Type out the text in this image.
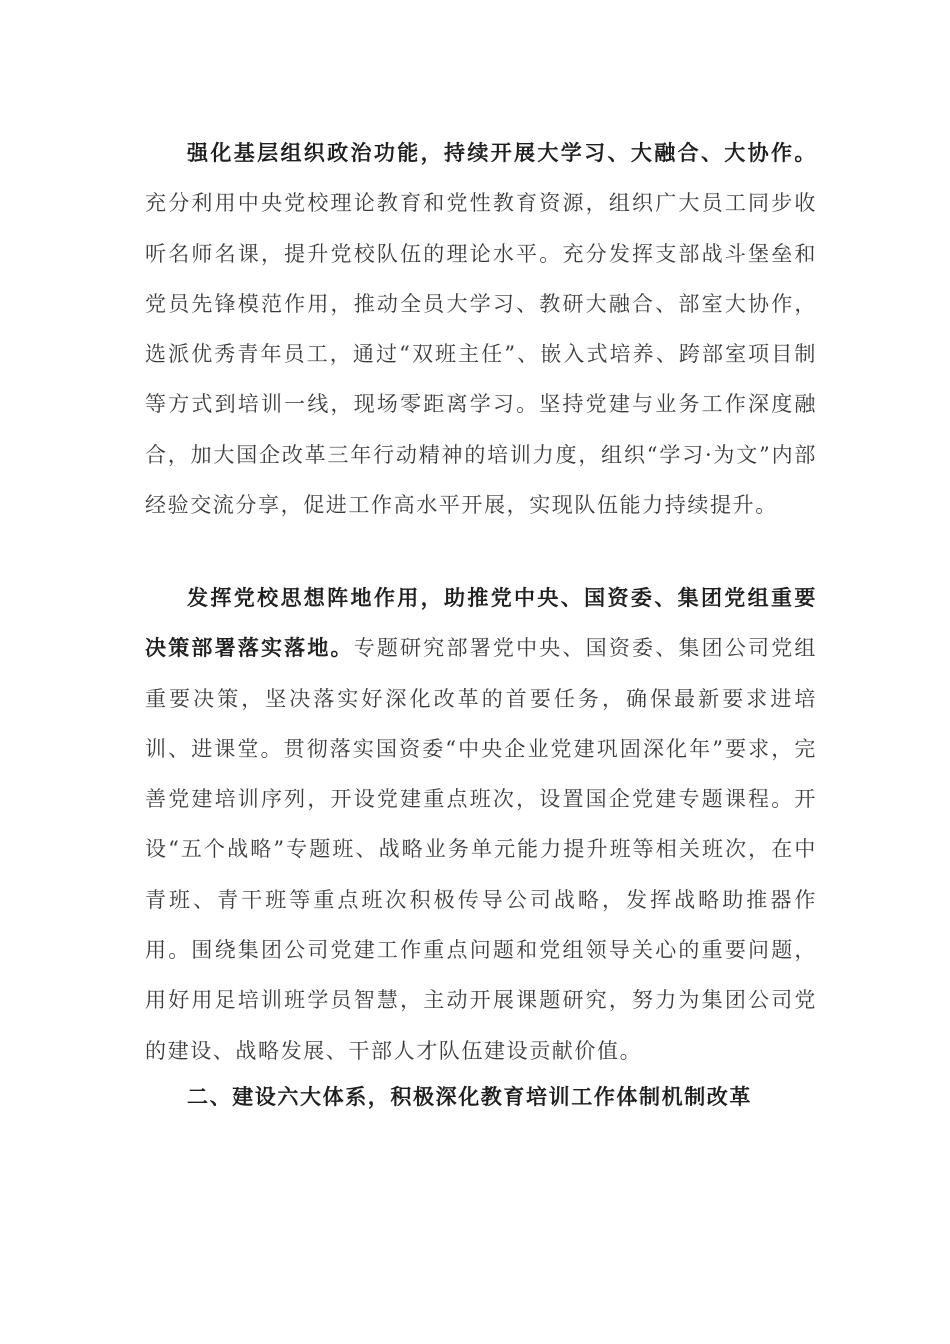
强化基层组织政治功能，持续开展大学习、大融合、大协作。充分利用中央党校理论教育和党性教育资源，组织广大员工同步收听名师名课，提升党校队伍的理论水平。充分发挥支部战斗堡垒和党员先锋模范作用，推动全员大学习、教研大融合、部室大协作，选派优秀青年员工，通过“双班主任”、嵌入式培养、跨部室项目制等方式到培训一线，现场零距离学习。坚持党建与业务工作深度融合，加大国企改革三年行动精神的培训力度，组织“学习·为文”内部经验交流分享，促进工作高水平开展，实现队伍能力持续提升。

发挥党校思想阵地作用，助推党中央、国资委、集团党组重要决策部署落实落地。专题研究部署党中央、国资委、集团公司党组重要决策，坚决落实好深化改革的首要任务，确保最新要求进培训、进课堂。贯彻落实国资委“中央企业党建巩固深化年”要求，完善党建培训序列，开设党建重点班次，设置国企党建专题课程。开设“五个战略”专题班、战略业务单元能力提升班等相关班次，在中青班、青干班等重点班次积极传导公司战略，发挥战略助推器作用。围绕集团公司党建工作重点问题和党组领导关心的重要问题，用好用足培训班学员智慧，主动开展课题研究，努力为集团公司党的建设、战略发展、干部人才队伍建设贡献价值。

二、建设六大体系，积极深化教育培训工作体制机制改革
